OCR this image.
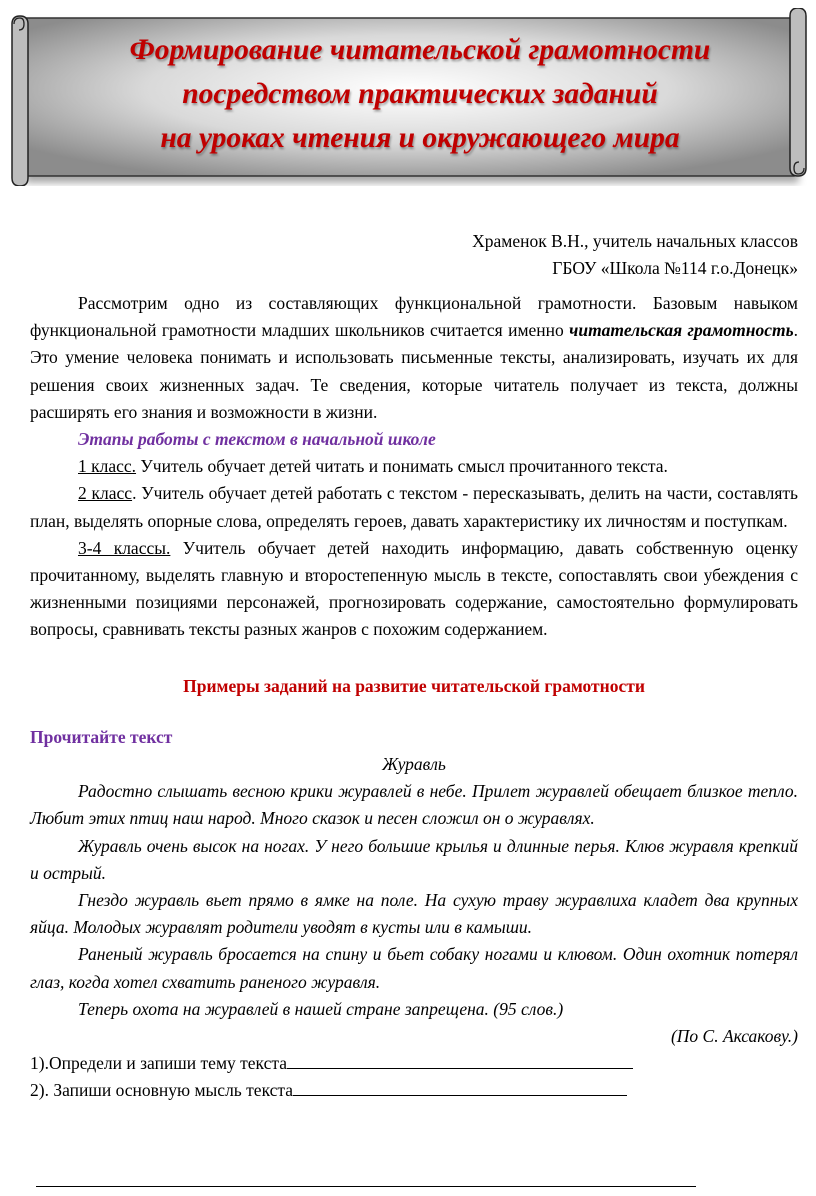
Формирование читательской грамотности
посредством практических заданий
на уроках чтения и окружающего мира
Храменок В.Н., учитель начальных классов
ГБОУ «Школа №114 г.о.Донецк»

Рассмотрим одно из составляющих функциональной грамотности. Базовым навыком функциональной грамотности младших школьников считается именно читательская грамотность. Это умение человека понимать и использовать письменные тексты, анализировать, изучать их для решения своих жизненных задач. Те сведения, которые читатель получает из текста, должны расширять его знания и возможности в жизни.

Этапы работы с текстом в начальной школе

1 класс. Учитель обучает детей читать и понимать смысл прочитанного текста.

2 класс. Учитель обучает детей работать с текстом - пересказывать, делить на части, составлять план, выделять опорные слова, определять героев, давать характеристику их личностям и поступкам.

3-4 классы. Учитель обучает детей находить информацию, давать собственную оценку прочитанному, выделять главную и второстепенную мысль в тексте, сопоставлять свои убеждения с жизненными позициями персонажей, прогнозировать содержание, самостоятельно формулировать вопросы, сравнивать тексты разных жанров с похожим содержанием.

Примеры заданий на развитие читательской грамотности

Прочитайте текст

Журавль

Радостно слышать весною крики журавлей в небе. Прилет журавлей обещает близкое тепло. Любит этих птиц наш народ. Много сказок и песен сложил он о журавлях.

Журавль очень высок на ногах. У него большие крылья и длинные перья. Клюв журавля крепкий и острый.

Гнездо журавль вьет прямо в ямке на поле. На сухую траву журавлиха кладет два крупных яйца. Молодых журавлят родители уводят в кусты или в камыши.

Раненый журавль бросается на спину и бьет собаку ногами и клювом. Один охотник потерял глаз, когда хотел схватить раненого журавля.

Теперь охота на журавлей в нашей стране запрещена. (95 слов.)

(По С. Аксакову.)

1).Определи и запиши тему текста

2). Запиши основную мысль текста
